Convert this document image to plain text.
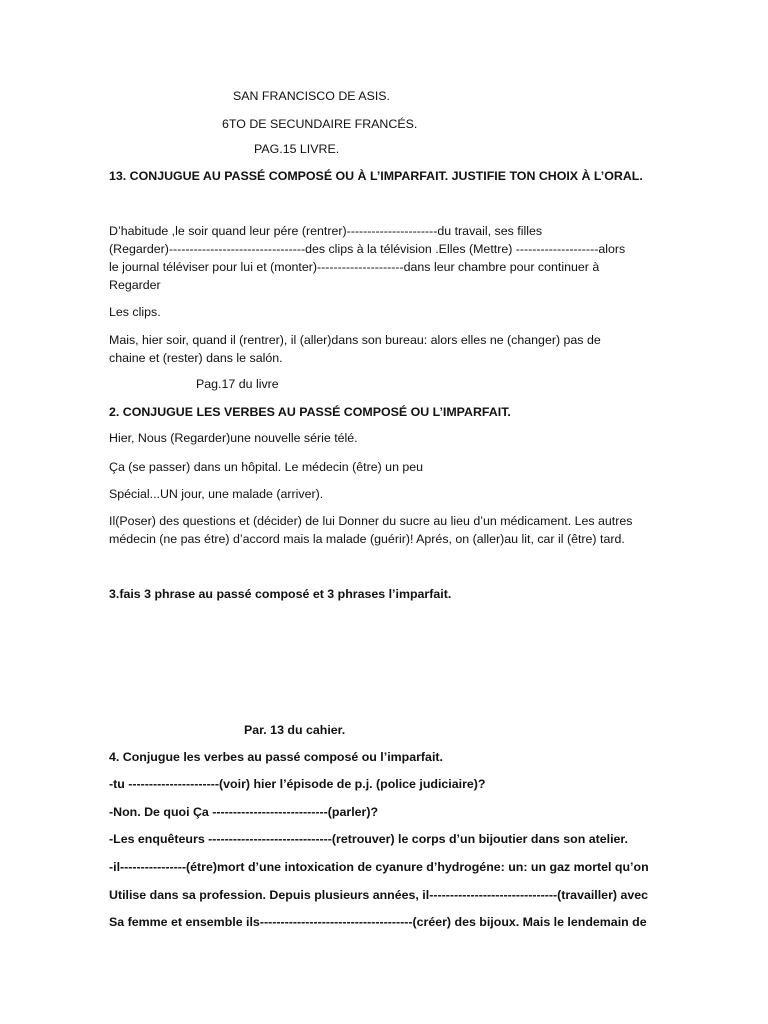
SAN FRANCISCO DE ASIS.
6TO DE SECUNDAIRE FRANCÉS.
PAG.15 LIVRE.
13. CONJUGUE AU PASSÉ COMPOSÉ OU À L’IMPARFAIT. JUSTIFIE TON CHOIX À L’ORAL.
D’habitude ,le soir quand leur pére (rentrer)----------------------du travail, ses filles
(Regarder)---------------------------------des clips à la télévision .Elles (Mettre) --------------------alors
le journal téléviser pour lui et (monter)---------------------dans leur chambre pour continuer à
Regarder
Les clips.
Mais, hier soir, quand il (rentrer), il (aller)dans son bureau: alors elles ne (changer) pas de
chaine et (rester) dans le salón.
Pag.17 du livre
2. CONJUGUE LES VERBES AU PASSÉ COMPOSÉ OU L’IMPARFAIT.
Hier, Nous (Regarder)une nouvelle série télé.
Ça (se passer) dans un hôpital. Le médecin (être) un peu
Spécial...UN jour, une malade (arriver).
Il(Poser) des questions et (décider) de lui Donner du sucre au lieu d’un médicament. Les autres
médecin (ne pas étre) d’accord mais la malade (guérir)! Aprés, on (aller)au lit, car il (être) tard.
3.fais 3 phrase au passé composé et 3 phrases l’imparfait.
Par. 13 du cahier.
4. Conjugue les verbes au passé composé ou l’imparfait.
-tu ----------------------(voir) hier l’épisode de p.j. (police judiciaire)?
-Non. De quoi Ça ----------------------------(parler)?
-Les enquêteurs ------------------------------(retrouver) le corps d’un bijoutier dans son atelier.
-il----------------(étre)mort d’une intoxication de cyanure d’hydrogéne: un: un gaz mortel qu’on
Utilise dans sa profession. Depuis plusieurs années, il-------------------------------(travailler) avec
Sa femme et ensemble ils-------------------------------------(créer) des bijoux. Mais le lendemain de
